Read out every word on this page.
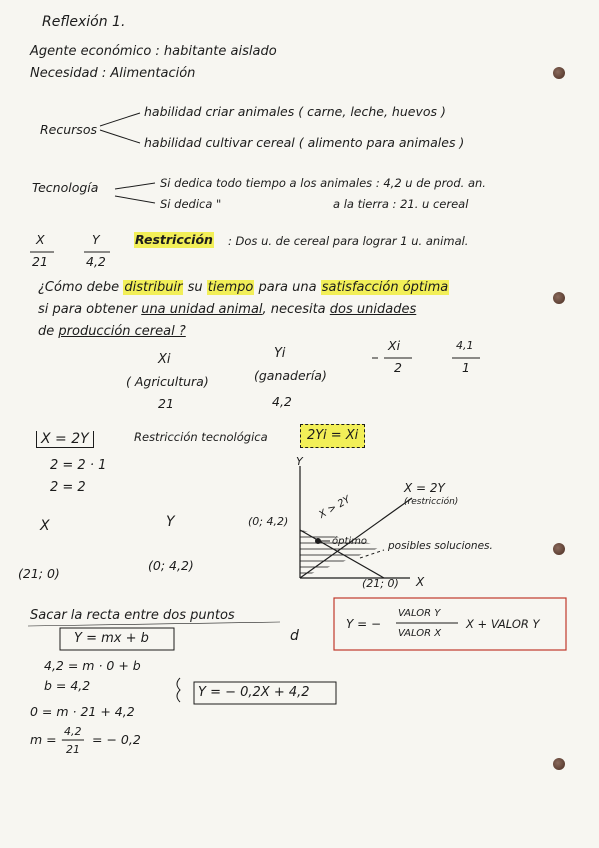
Reflexión 1.
Agente económico : habitante aislado
Necesidad : Alimentación
Recursos
habilidad criar animales ( carne, leche, huevos )
habilidad cultivar cereal ( alimento para animales )
Tecnología	Si dedica todo tiempo a los animales : 4,2 u de prod. an.
Si dedica "	a la tierra : 21. u cereal
X
21
Y
4,2
Restricción : Dos u. de cereal para lograr 1 u. animal.
¿Cómo debe distribuir su tiempo para una satisfacción óptima
si para obtener una unidad animal, necesita dos unidades
de producción cereal ?
Xi
( Agricultura)
21
Yi
(ganadería)
4,2
Xi
2
4,1
1
X = 2Y	Restricción tecnológica	2Yi = Xi
2 = 2 · 1
2 = 2
X	Y
(21; 0)
(0; 4,2)
Y
X
(0; 4,2)
(21; 0)
óptimo
X > 2Y
X = 2Y
(restricción)
posibles soluciones.
Sacar la recta entre dos puntos
Y = mx + b
4,2 = m · 0 + b
b = 4,2
0 = m · 21 + 4,2
m = −
4,2
21
= − 0,2
Y = − 0,2X + 4,2
d
Y = −
VALOR Y
VALOR X
X + VALOR Y
